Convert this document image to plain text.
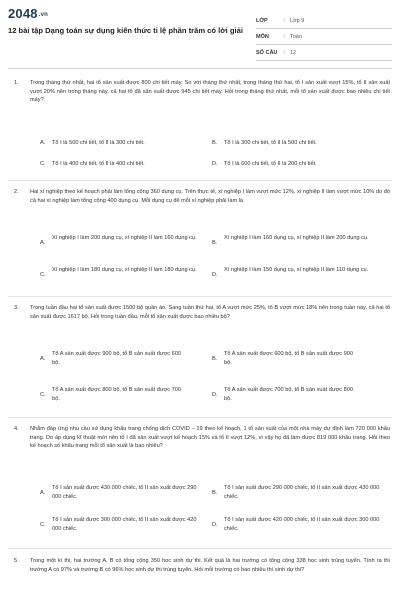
2048.vn
12 bài tập Dạng toán sự dụng kiến thức tỉ lệ phần trăm có lời giải
LỚP	: Lớp 9
MÔN	: Toán
SỐ CÂU	: 12
1. Trong tháng thứ nhất, hai tổ sản xuất được 800 chi tiết máy. So với tháng thứ nhất, trong tháng thứ hai, tổ I sản xuất vượt 15%, tổ II sản xuất vượt 20% nên trong tháng này, cả hai tổ đã sản xuất được 945 chi tiết máy. Hỏi trong tháng thứ nhất, mỗi tổ sản xuất được bao nhiêu chi tiết máy?
A. Tổ I là 500 chi tiết, tổ II là 300 chi tiết.	B. Tổ I là 300 chi tiết, tổ II là 500 chi tiết.
C. Tổ I là 400 chi tiết, tổ II là 400 chi tiết.	D. Tổ I là 600 chi tiết, tổ II là 200 chi tiết.
2. Hai xí nghiệp theo kế hoạch phải làm tổng cộng 360 dụng cụ. Trên thực tế, xí nghiệp I làm vượt mức 12%, xí nghiệp II làm vượt mức 10% do đó cả hai xí nghiệp làm tổng cộng 400 dụng cụ. Mỗi dụng cụ để mỗi xí nghiệp phải làm là
A.
Xí nghiệp I làm 200 dụng cụ, xí nghiệp II làm 160 dụng cụ.
B.
Xí nghiệp I làm 160 dụng cụ, xí nghiệp II làm 200 dụng cụ.
C.
Xí nghiệp I làm 180 dụng cụ, xí nghiệp II làm 180 dụng cụ.
D.
Xí nghiệp I làm 150 dụng cụ, xí nghiệp II làm 110 dụng cụ.
3. Trong tuần đầu hai tổ sản xuất được 1500 bộ quần áo. Sang tuần thứ hai, tổ A vượt mức 25%, tổ B vượt mức 18% nên trong tuần này, cả hai tổ sản xuất được 1617 bộ. Hỏi trong tuần đầu, mỗi tổ sản xuất được bao nhiêu bộ?
A.
Tổ A sản xuất được 900 bộ, tổ B sản xuất được 600 bộ.
B.
Tổ A sản xuất được 600 bộ, tổ B sản xuất được 900 bộ.
C.
Tổ A sản xuất được 800 bộ, tổ B sản xuất được 700 bộ.
D.
Tổ A sản xuất được 700 bộ, tổ B sản xuất được 800 bộ.
4. Nhằm đáp ứng nhu cầu sử dụng khẩu trang chống dịch COVID – 19 theo kế hoạch, 1 tổ sản xuất của một nhà máy dự định làm 720 000 khẩu trang. Do áp dụng kĩ thuật mới nên tổ I đã sản xuất vượt kế hoạch 15% và tổ II vượt 12%, vì vậy họ đã làm được 819 000 khẩu trang. Hỏi theo kế hoạch số khẩu trang mỗi tổ sản xuất là bao nhiêu?
A.
Tổ I sản xuất được 430 000 chiếc, tổ II sản xuất được 290 000 chiếc.
B.
Tổ I sản xuất được 290 000 chiếc, tổ II sản xuất được 430 000 chiếc.
C.
Tổ I sản xuất được 300 000 chiếc, tổ II sản xuất được 420 000 chiếc.
D.
Tổ I sản xuất được 420 000 chiếc, tổ II sản xuất được 300 000 chiếc.
5. Trong một kì thi, hai trường A, B có tổng cộng 350 học sinh dự thi. Kết quả là hai trường có tổng cộng 338 học sinh trúng tuyển. Tính ra thì trường A có 97% và trường B có 96% học sinh dự thi trúng tuyển. Hỏi mỗi trường có bao nhiêu thí sinh dự thi?
